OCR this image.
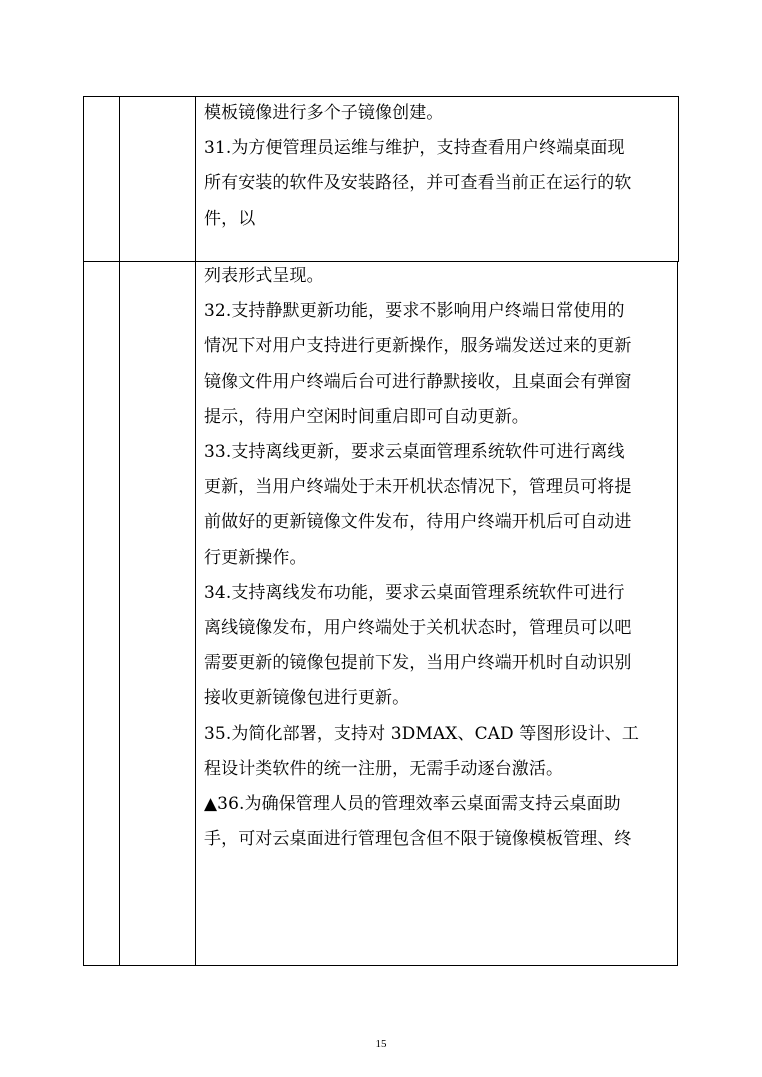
模板镜像进行多个子镜像创建。
31.为方便管理员运维与维护，支持查看用户终端桌面现
所有安装的软件及安装路径，并可查看当前正在运行的软
件，以
列表形式呈现。
32.支持静默更新功能，要求不影响用户终端日常使用的
情况下对用户支持进行更新操作，服务端发送过来的更新
镜像文件用户终端后台可进行静默接收，且桌面会有弹窗
提示，待用户空闲时间重启即可自动更新。
33.支持离线更新，要求云桌面管理系统软件可进行离线
更新，当用户终端处于未开机状态情况下，管理员可将提
前做好的更新镜像文件发布，待用户终端开机后可自动进
行更新操作。
34.支持离线发布功能，要求云桌面管理系统软件可进行
离线镜像发布，用户终端处于关机状态时，管理员可以吧
需要更新的镜像包提前下发，当用户终端开机时自动识别
接收更新镜像包进行更新。
35.为简化部署，支持对 3DMAX、CAD 等图形设计、工
程设计类软件的统一注册，无需手动逐台激活。
▲36.为确保管理人员的管理效率云桌面需支持云桌面助
手，可对云桌面进行管理包含但不限于镜像模板管理、终
15
